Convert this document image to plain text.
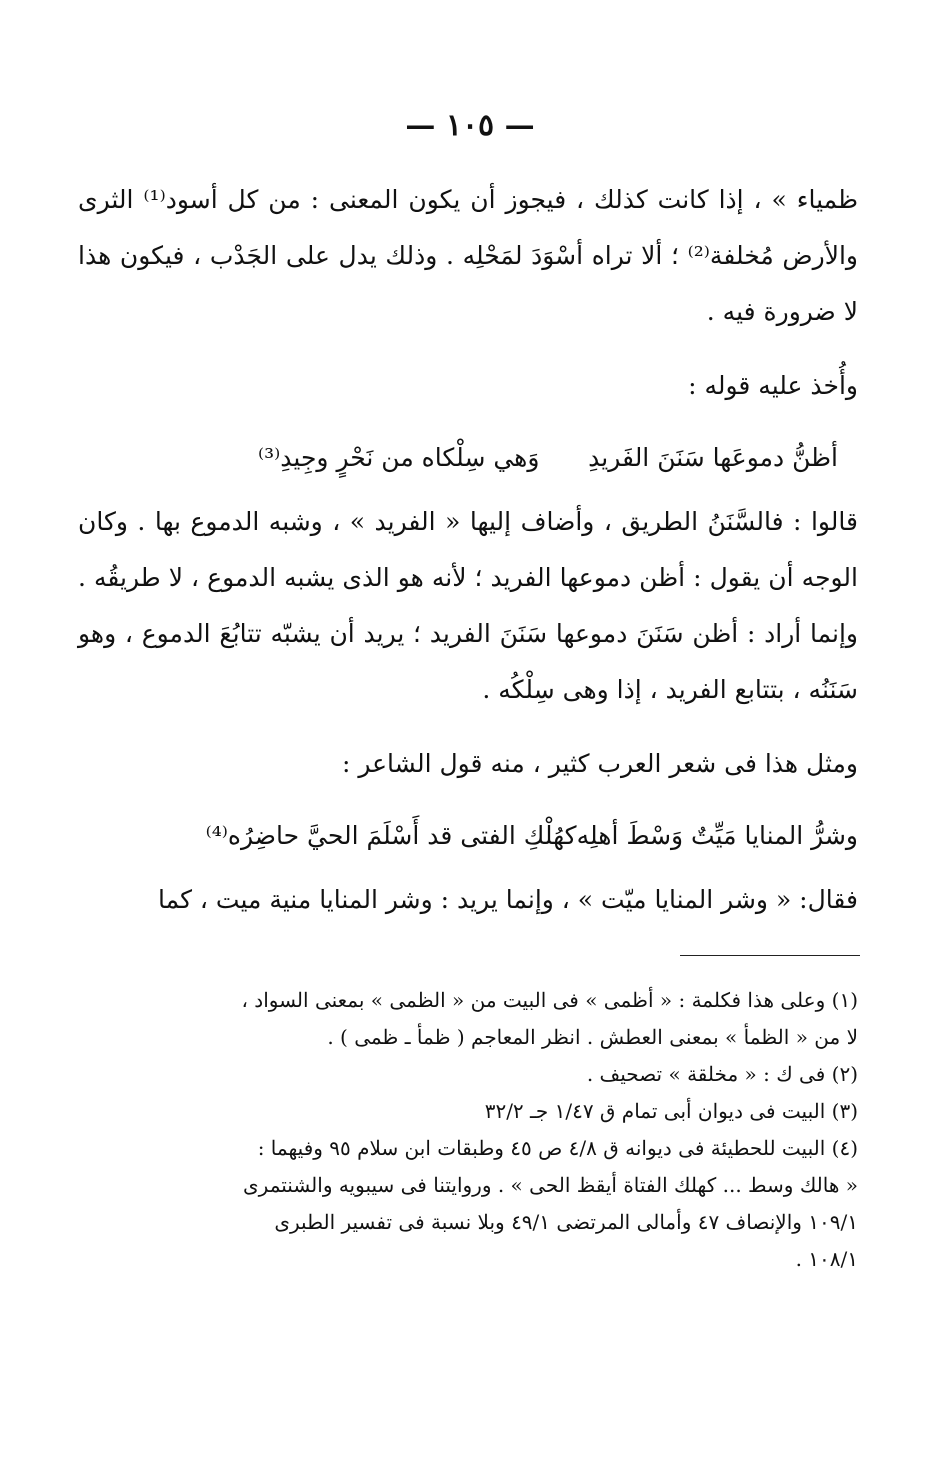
— ١٠٥ —

ظمياء » ، إذا كانت كذلك ، فيجوز أن يكون المعنى : من كل أسود⁽¹⁾ الثرى والأرض مُخلفة⁽²⁾ ؛ ألا تراه أسْوَدَ لمَحْلِه . وذلك يدل على الجَدْب ، فيكون هذا لا ضرورة فيه .

وأُخذ عليه قوله :

أظنُّ دموعَها سَنَنَ الفَريدِ
وَهي سِلْكاه من نَحْرٍ وجِيدِ⁽³⁾

قالوا : فالسَّنَنُ الطريق ، وأضاف إليها « الفريد » ، وشبه الدموع بها . وكان الوجه أن يقول : أظن دموعها الفريد ؛ لأنه هو الذى يشبه الدموع ، لا طريقُه . وإنما أراد : أظن سَنَنَ دموعها سَنَنَ الفريد ؛ يريد أن يشبّه تتابُعَ الدموع ، وهو سَنَنُه ، بتتابع الفريد ، إذا وهى سِلْكُه .

ومثل هذا فى شعر العرب كثير ، منه قول الشاعر :

وشرُّ المنايا مَيِّتٌ وَسْطَ أهلِه
كهُلْكِ الفتى قد أَسْلَمَ الحيَّ حاضِرُه⁽⁴⁾

فقال: « وشر المنايا ميّت » ، وإنما يريد : وشر المنايا منية ميت ، كما

(١) وعلى هذا فكلمة : « أظمى » فى البيت من « الظمى » بمعنى السواد ،

لا من « الظمأ » بمعنى العطش . انظر المعاجم ( ظمأ ـ ظمى ) .

(٢) فى ك : « مخلقة » تصحيف .

(٣) البيت فى ديوان أبى تمام ق ١/٤٧ جـ ٣٢/٢

(٤) البيت للحطيئة فى ديوانه ق ٤/٨ ص ٤٥ وطبقات ابن سلام ٩٥ وفيهما :

« هالك وسط ... كهلك الفتاة أيقظ الحى » . وروايتنا فى سيبويه والشنتمرى

١٠٩/١ والإنصاف ٤٧ وأمالى المرتضى ٤٩/١ وبلا نسبة فى تفسير الطبرى

١٠٨/١ .
